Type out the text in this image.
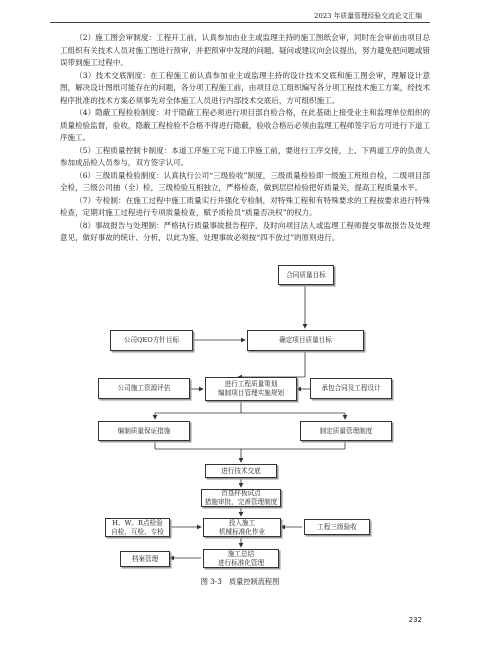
2023 年质量管理经验交流论文汇编

（2）施工图会审制度：工程开工前，认真参加由业主或监理主持的施工图纸会审，同时在会审前由项目总工组织有关技术人员对施工图进行预审，并把预审中发现的问题、疑问或建议向会议提出，努力避免把问题或错误带到施工过程中。

（3）技术交底制度：在工程施工前认真参加业主或监理主持的设计技术交底和施工图会审，理解设计意图，解决设计图纸可能存在的问题，各分项工程施工前，由项目总工组织编写各分项工程技术施工方案，经技术程序批准的技术方案必须事先对全体施工人员进行内部技术交底后，方可组织施工。

（4）隐蔽工程检验制度：对于隐蔽工程必须进行项目部自检合格，在此基础上接受业主和监理单位组织的质量检验监督，验收，隐蔽工程检验不合格不得进行隐蔽，验收合格后必须由监理工程师签字后方可进行下道工序施工。

（5）工程质量控制卡制度：本道工序施工完下道工序施工前，要进行工序交接，上、下两道工序的负责人参加成品检人员参与，双方签字认可。

（6）三级质量检验制度：认真执行公司“三级验收”制度，三级质量检验即一级施工班组自检，二级项目部全检，三级公司抽（全）检，三级检验互相独立，严格检查，做到层层检验把好质量关，提高工程质量水平。

（7）专检制：在施工过程中施工质量实行并强化专检制，对特殊工程和有特殊要求的工程按要求进行特殊检查，定期对施工过程进行专项质量检查，赋予质检员“质量否决权”的权力。

（8）事故报告与处理制：严格执行质量事故报告程序，及时向项目法人或监理工程师提交事故报告及处理意见，做好事故的统计、分析，以此为鉴，处理事故必须按“四不放过”的原则进行。

合同质量目标
公司QEO方针目标	确定项目质量目标
公司施工资源评估	进行工程质量策划
编制项目管理实施规划
承包合同及工程设计
编制质量保证措施	制定质量管理制度
进行技术交底
首基样板试点
措施审批，完善管理制度
H、W、R点检验
自检、互检、专检
投入施工
机械标准化作业
工程三级验收
档案管理
施工总结
进行标准化管理
图 3-3　质量控制流程图
232
